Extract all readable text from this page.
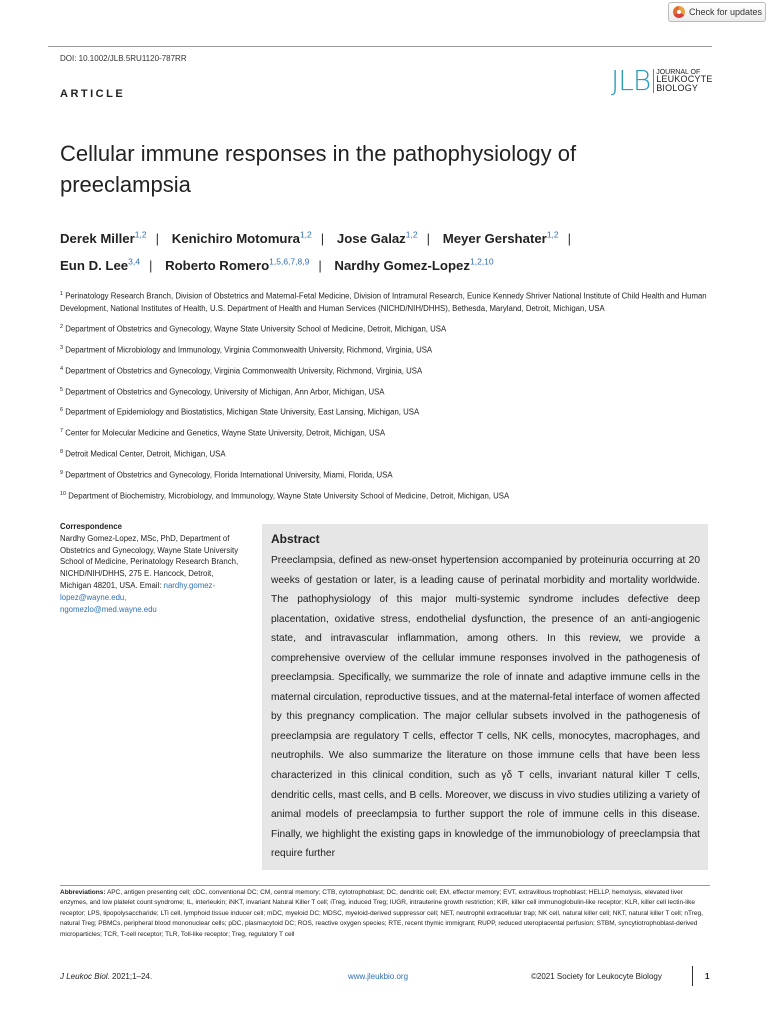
Check for updates
DOI: 10.1002/JLB.5RU1120-787RR
ARTICLE	JLB JOURNAL OF
LEUKOCYTE
BIOLOGY
Cellular immune responses in the pathophysiology of preeclampsia
Derek Miller$^{1,2}$ | Kenichiro Motomura$^{1,2}$ | Jose Galaz$^{1,2}$ | Meyer Gershater$^{1,2}$ |
Eun D. Lee$^{3,4}$ | Roberto Romero$^{1,5,6,7,8,9}$ | Nardhy Gomez-Lopez$^{1,2,10}$
$^1$ Perinatology Research Branch, Division of Obstetrics and Maternal-Fetal Medicine, Division of Intramural Research, Eunice Kennedy Shriver National Institute of Child Health and Human Development, National Institutes of Health, U.S. Department of Health and Human Services (NICHD/NIH/DHHS), Bethesda, Maryland, Detroit, Michigan, USA
$^2$ Department of Obstetrics and Gynecology, Wayne State University School of Medicine, Detroit, Michigan, USA
$^3$ Department of Microbiology and Immunology, Virginia Commonwealth University, Richmond, Virginia, USA
$^4$ Department of Obstetrics and Gynecology, Virginia Commonwealth University, Richmond, Virginia, USA
$^5$ Department of Obstetrics and Gynecology, University of Michigan, Ann Arbor, Michigan, USA
$^6$ Department of Epidemiology and Biostatistics, Michigan State University, East Lansing, Michigan, USA
$^7$ Center for Molecular Medicine and Genetics, Wayne State University, Detroit, Michigan, USA
$^8$ Detroit Medical Center, Detroit, Michigan, USA
$^9$ Department of Obstetrics and Gynecology, Florida International University, Miami, Florida, USA
$^{10}$ Department of Biochemistry, Microbiology, and Immunology, Wayne State University School of Medicine, Detroit, Michigan, USA
Correspondence
Nardhy Gomez-Lopez, MSc, PhD, Department of Obstetrics and Gynecology, Wayne State University School of Medicine, Perinatology Research Branch, NICHD/NIH/DHHS, 275 E. Hancock, Detroit, Michigan 48201, USA. Email: nardhy.gomez-lopez@wayne.edu,
ngomezlo@med.wayne.edu
Abstract
Preeclampsia, defined as new-onset hypertension accompanied by proteinuria occurring at 20 weeks of gestation or later, is a leading cause of perinatal morbidity and mortality worldwide. The pathophysiology of this major multi-systemic syndrome includes defective deep placentation, oxidative stress, endothelial dysfunction, the presence of an anti-angiogenic state, and intravascular inflammation, among others. In this review, we provide a comprehensive overview of the cellular immune responses involved in the pathogenesis of preeclampsia. Specifically, we summarize the role of innate and adaptive immune cells in the maternal circulation, reproductive tissues, and at the maternal-fetal interface of women affected by this pregnancy complication. The major cellular subsets involved in the pathogenesis of preeclampsia are regulatory T cells, effector T cells, NK cells, monocytes, macrophages, and neutrophils. We also summarize the literature on those immune cells that have been less characterized in this clinical condition, such as γδ T cells, invariant natural killer T cells, dendritic cells, mast cells, and B cells. Moreover, we discuss in vivo studies utilizing a variety of animal models of preeclampsia to further support the role of immune cells in this disease. Finally, we highlight the existing gaps in knowledge of the immunobiology of preeclampsia that require further
Abbreviations: APC, antigen presenting cell; cDC, conventional DC; CM, central memory; CTB, cytotrophoblast; DC, dendritic cell; EM, effector memory; EVT, extravillous trophoblast; HELLP, hemolysis, elevated liver enzymes, and low platelet count syndrome; IL, interleukin; iNKT, invariant Natural Killer T cell; iTreg, induced Treg; IUGR, intrauterine growth restriction; KIR, killer cell immunoglobulin-like receptor; KLR, killer cell lectin-like receptor; LPS, lipopolysaccharide; LTi cell, lymphoid tissue inducer cell; mDC, myeloid DC; MDSC, myeloid-derived suppressor cell; NET, neutrophil extracellular trap; NK cell, natural killer cell; NKT, natural killer T cell; nTreg, natural Treg; PBMCs, peripheral blood mononuclear cells; pDC, plasmacytoid DC; ROS, reactive oxygen species; RTE, recent thymic immigrant; RUPP, reduced uteroplacental perfusion; STBM, syncytiotrophoblast-derived microparticles; TCR, T-cell receptor; TLR, Toll-like receptor; Treg, regulatory T cell
J Leukoc Biol. 2021;1–24.	www.jleukbio.org	©2021 Society for Leukocyte Biology	1
